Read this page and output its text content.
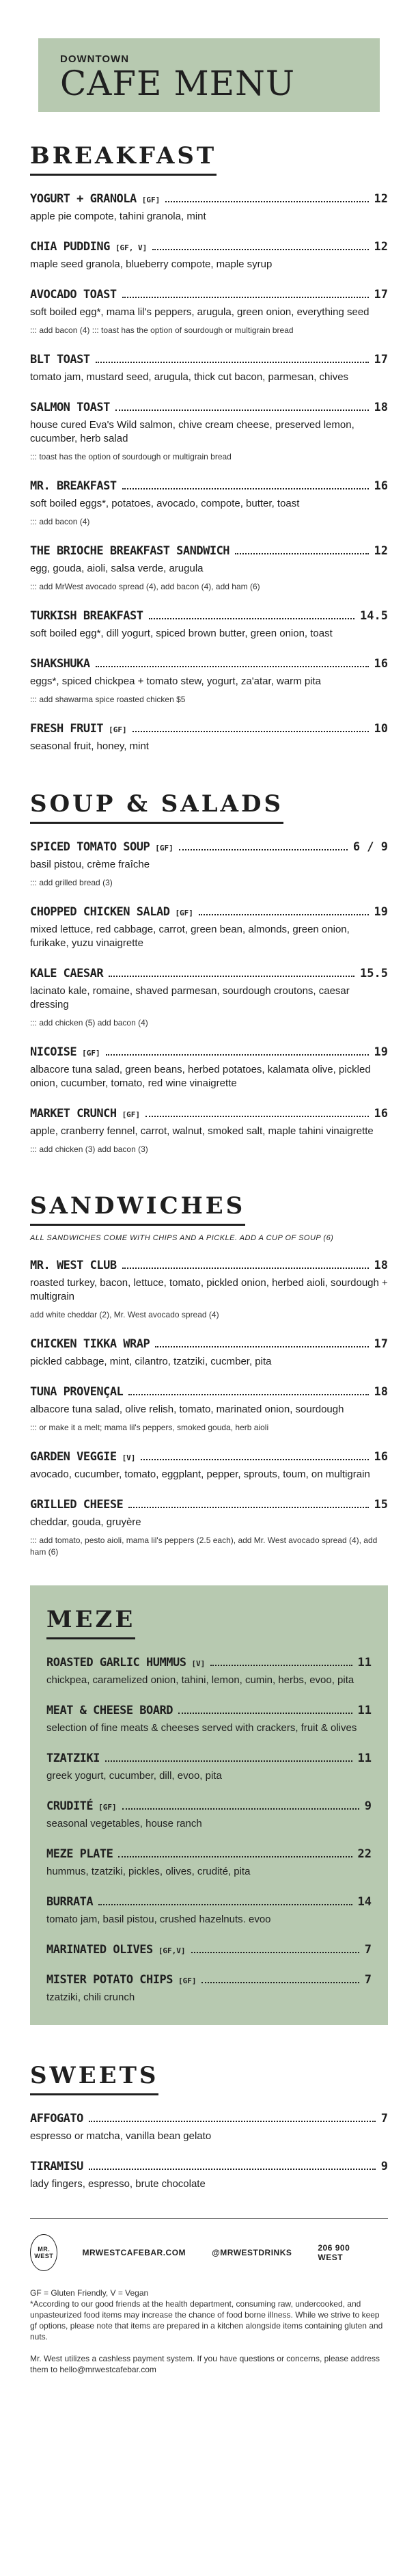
DOWNTOWN
CAFE MENU
BREAKFAST
YOGURT + GRANOLA [GF]	12
apple pie compote, tahini granola, mint
CHIA PUDDING [GF, V]	12
maple seed granola, blueberry compote, maple syrup
AVOCADO TOAST	17
soft boiled egg*, mama lil's peppers, arugula, green onion, everything seed
::: add bacon (4) ::: toast has the option of sourdough or multigrain bread
BLT TOAST	17
tomato jam, mustard seed, arugula, thick cut bacon, parmesan, chives
SALMON TOAST	18
house cured Eva's Wild salmon, chive cream cheese, preserved lemon, cucumber, herb salad
::: toast has the option of sourdough or multigrain bread
MR. BREAKFAST	16
soft boiled eggs*, potatoes, avocado, compote, butter, toast
::: add bacon (4)
THE BRIOCHE BREAKFAST SANDWICH	12
egg, gouda, aioli, salsa verde, arugula
::: add MrWest avocado spread (4), add bacon (4), add ham (6)
TURKISH BREAKFAST	14.5
soft boiled egg*, dill yogurt, spiced brown butter, green onion, toast
SHAKSHUKA	16
eggs*, spiced chickpea + tomato stew, yogurt, za'atar, warm pita
::: add shawarma spice roasted chicken $5
FRESH FRUIT [GF]	10
seasonal fruit, honey, mint
SOUP & SALADS
SPICED TOMATO SOUP [GF]	6 / 9
basil pistou, crème fraîche
::: add grilled bread (3)
CHOPPED CHICKEN SALAD [GF]	19
mixed lettuce, red cabbage, carrot, green bean, almonds, green onion, furikake, yuzu vinaigrette
KALE CAESAR	15.5
lacinato kale, romaine, shaved parmesan, sourdough croutons, caesar dressing
::: add chicken (5) add bacon (4)
NICOISE [GF]	19
albacore tuna salad, green beans, herbed potatoes, kalamata olive, pickled onion, cucumber, tomato, red wine vinaigrette
MARKET CRUNCH [GF]	16
apple, cranberry fennel, carrot, walnut, smoked salt, maple tahini vinaigrette
::: add chicken (3) add bacon (3)
SANDWICHES
ALL SANDWICHES COME WITH CHIPS AND A PICKLE. ADD A CUP OF SOUP (6)
MR. WEST CLUB	18
roasted turkey, bacon, lettuce, tomato, pickled onion, herbed aioli, sourdough + multigrain
add white cheddar (2), Mr. West avocado spread (4)
CHICKEN TIKKA WRAP	17
pickled cabbage, mint, cilantro, tzatziki, cucmber, pita
TUNA PROVENÇAL	18
albacore tuna salad, olive relish, tomato, marinated onion, sourdough
::: or make it a melt; mama lil's peppers, smoked gouda, herb aioli
GARDEN VEGGIE [V]	16
avocado, cucumber, tomato, eggplant, pepper, sprouts, toum, on multigrain
GRILLED CHEESE	15
cheddar, gouda, gruyère
::: add tomato, pesto aioli, mama lil's peppers (2.5 each), add Mr. West avocado spread (4), add ham (6)
MEZE
ROASTED GARLIC HUMMUS [V]	11
chickpea, caramelized onion, tahini, lemon, cumin, herbs, evoo, pita
MEAT & CHEESE BOARD	11
selection of fine meats & cheeses served with crackers, fruit & olives
TZATZIKI	11
greek yogurt, cucumber, dill, evoo, pita
CRUDITÉ [GF]	9
seasonal vegetables, house ranch
MEZE PLATE	22
hummus, tzatziki, pickles, olives, crudité, pita
BURRATA	14
tomato jam, basil pistou, crushed hazelnuts. evoo
MARINATED OLIVES [GF,V]	7
MISTER POTATO CHIPS [GF]	7
tzatziki, chili crunch
SWEETS
AFFOGATO	7
espresso or matcha, vanilla bean gelato
TIRAMISU	9
lady fingers, espresso, brute chocolate
MR. WEST	MRWESTCAFEBAR.COM	@MRWESTDRINKS	206 900 WEST

GF = Gluten Friendly, V = Vegan

*According to our good friends at the health department, consuming raw, undercooked, and unpasteurized food items may increase the chance of food borne illness. While we strive to keep gf options, please note that items are prepared in a kitchen alongside items containing gluten and nuts.

Mr. West utilizes a cashless payment system. If you have questions or concerns, please address them to hello@mrwestcafebar.com
